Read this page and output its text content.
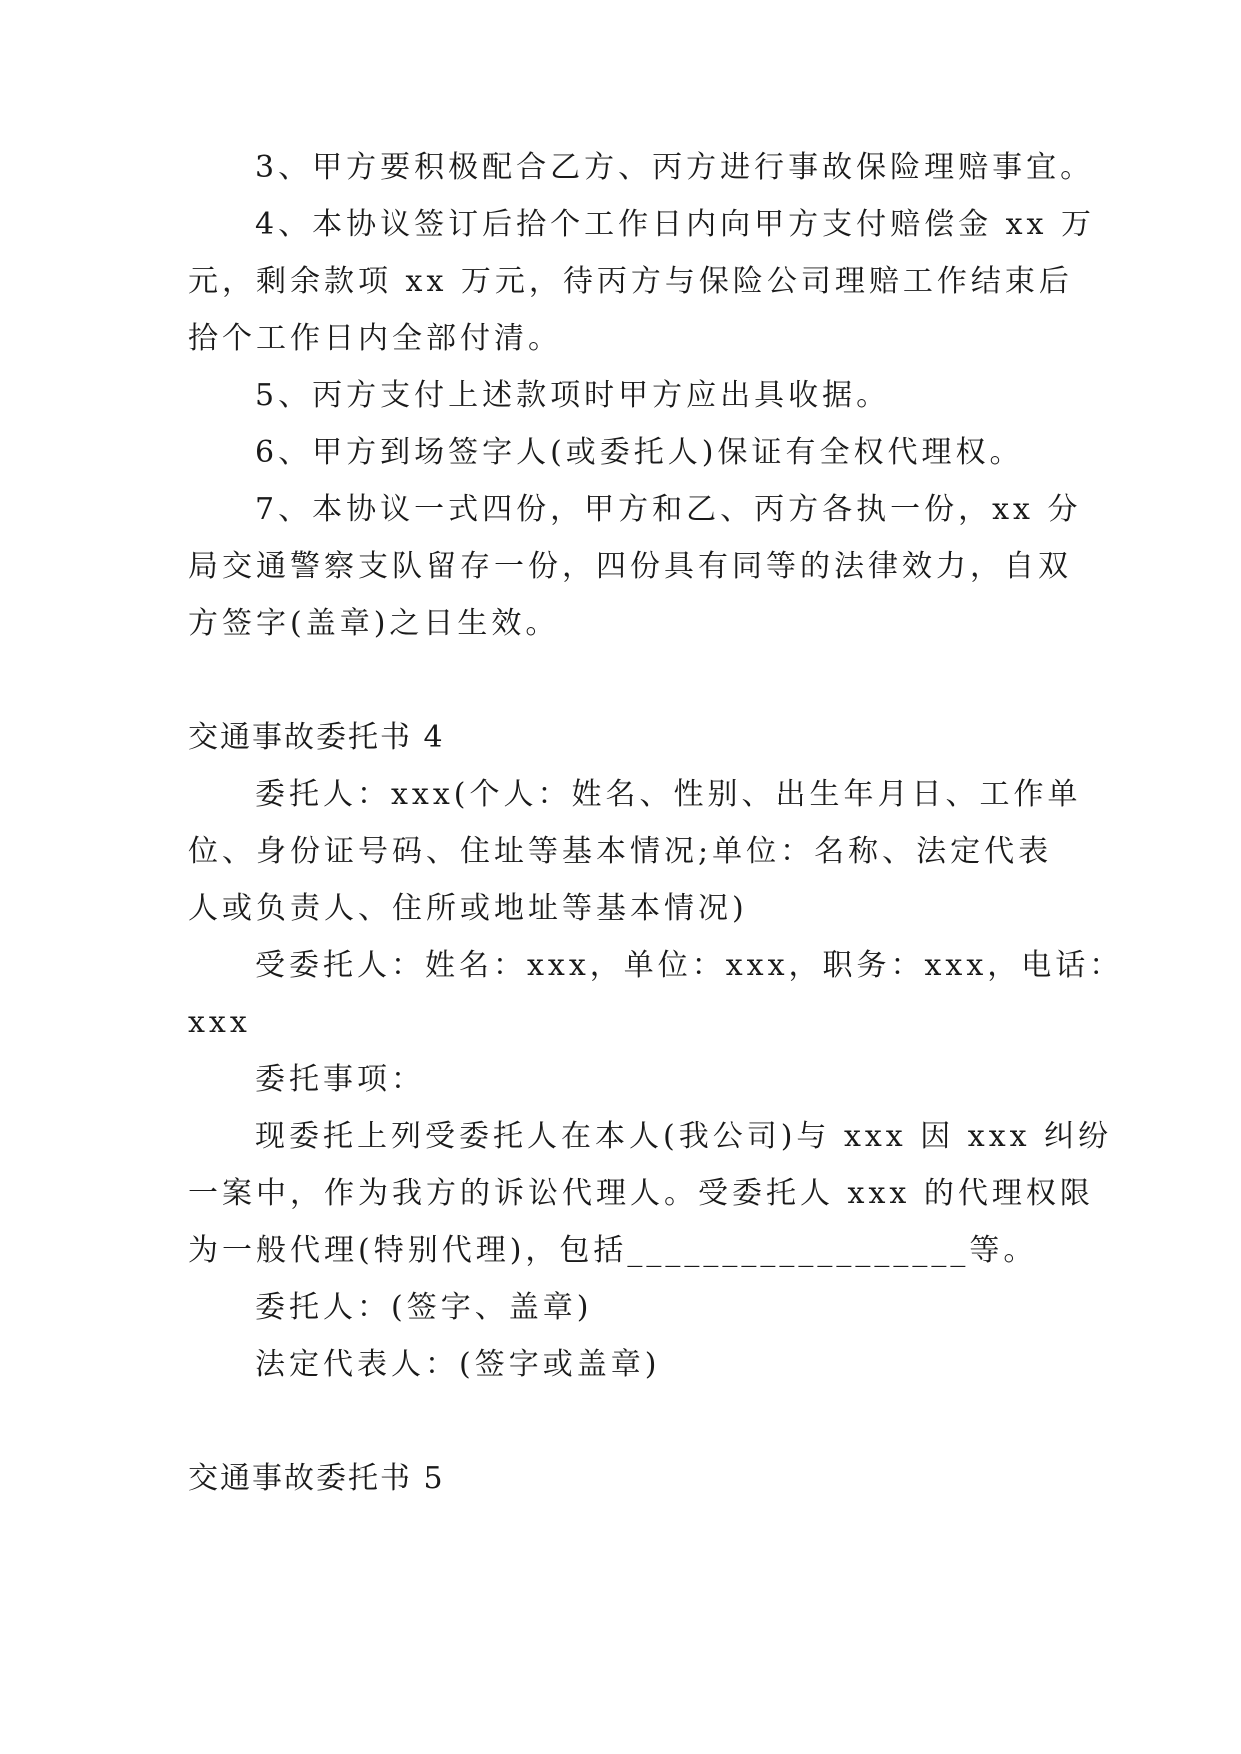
3、甲方要积极配合乙方、丙方进行事故保险理赔事宜。
4、本协议签订后拾个工作日内向甲方支付赔偿金 xx 万
元，剩余款项 xx 万元，待丙方与保险公司理赔工作结束后
拾个工作日内全部付清。
5、丙方支付上述款项时甲方应出具收据。
6、甲方到场签字人(或委托人)保证有全权代理权。
7、本协议一式四份，甲方和乙、丙方各执一份，xx 分
局交通警察支队留存一份，四份具有同等的法律效力，自双
方签字(盖章)之日生效。
交通事故委托书 4
委托人：xxx(个人：姓名、性别、出生年月日、工作单
位、身份证号码、住址等基本情况;单位：名称、法定代表
人或负责人、住所或地址等基本情况)
受委托人：姓名：xxx，单位：xxx，职务：xxx，电话：
xxx
委托事项：
现委托上列受委托人在本人(我公司)与 xxx 因 xxx 纠纷
一案中，作为我方的诉讼代理人。受委托人 xxx 的代理权限
为一般代理(特别代理)，包括__________________等。
委托人：(签字、盖章)
法定代表人：(签字或盖章)
交通事故委托书 5
